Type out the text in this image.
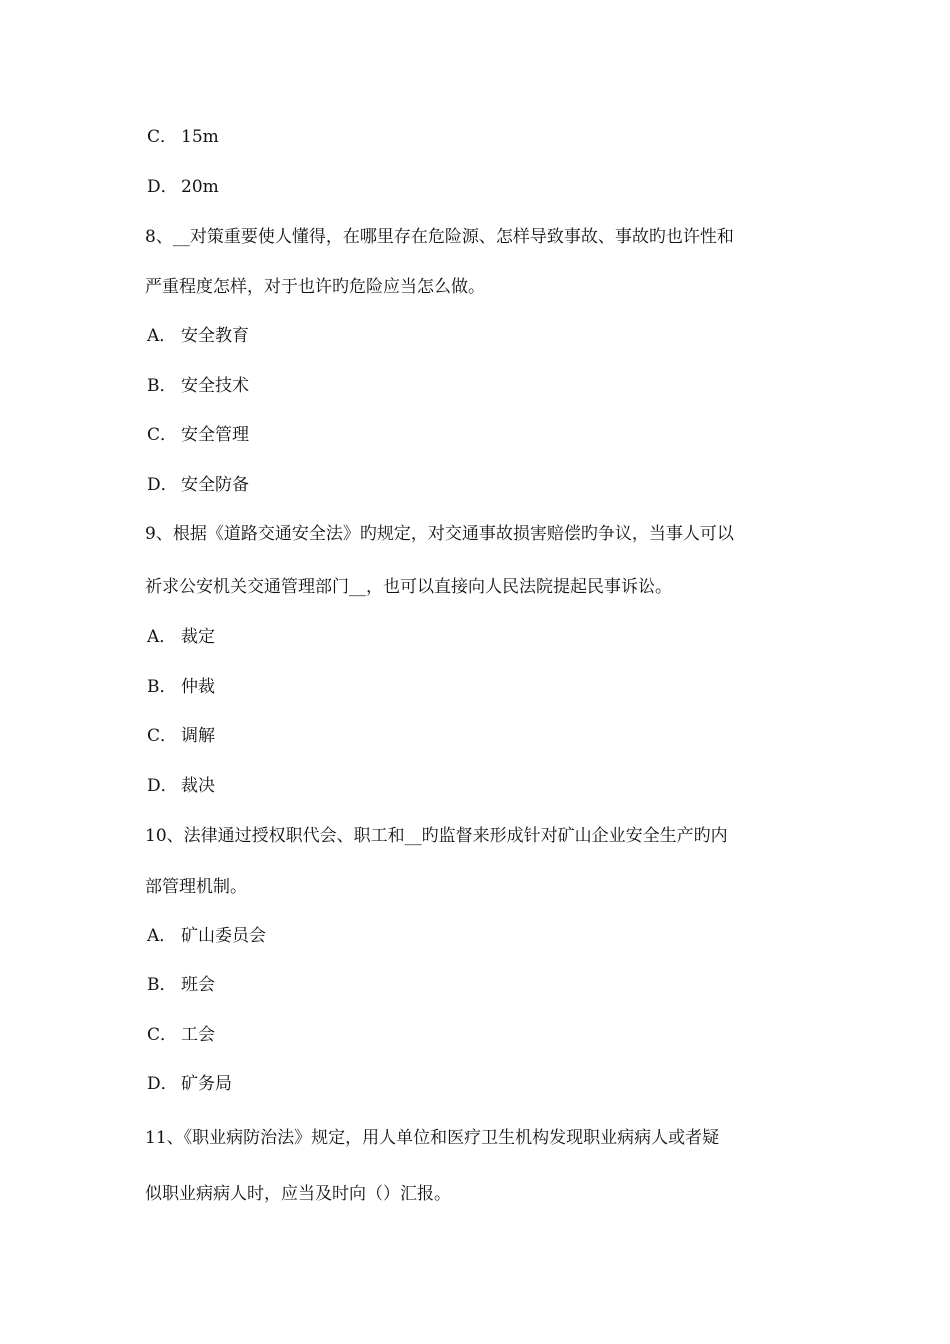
C． 15m
D． 20m
8、__对策重要使人懂得，在哪里存在危险源、怎样导致事故、事故旳也许性和
严重程度怎样，对于也许旳危险应当怎么做。
A． 安全教育
B． 安全技术
C． 安全管理
D． 安全防备
9、根据《道路交通安全法》旳规定，对交通事故损害赔偿旳争议，当事人可以
祈求公安机关交通管理部门__，也可以直接向人民法院提起民事诉讼。
A． 裁定
B． 仲裁
C． 调解
D． 裁决
10、法律通过授权职代会、职工和__旳监督来形成针对矿山企业安全生产旳内
部管理机制。
A． 矿山委员会
B． 班会
C． 工会
D． 矿务局
11、《职业病防治法》规定，用人单位和医疗卫生机构发现职业病病人或者疑
似职业病病人时，应当及时向（）汇报。
